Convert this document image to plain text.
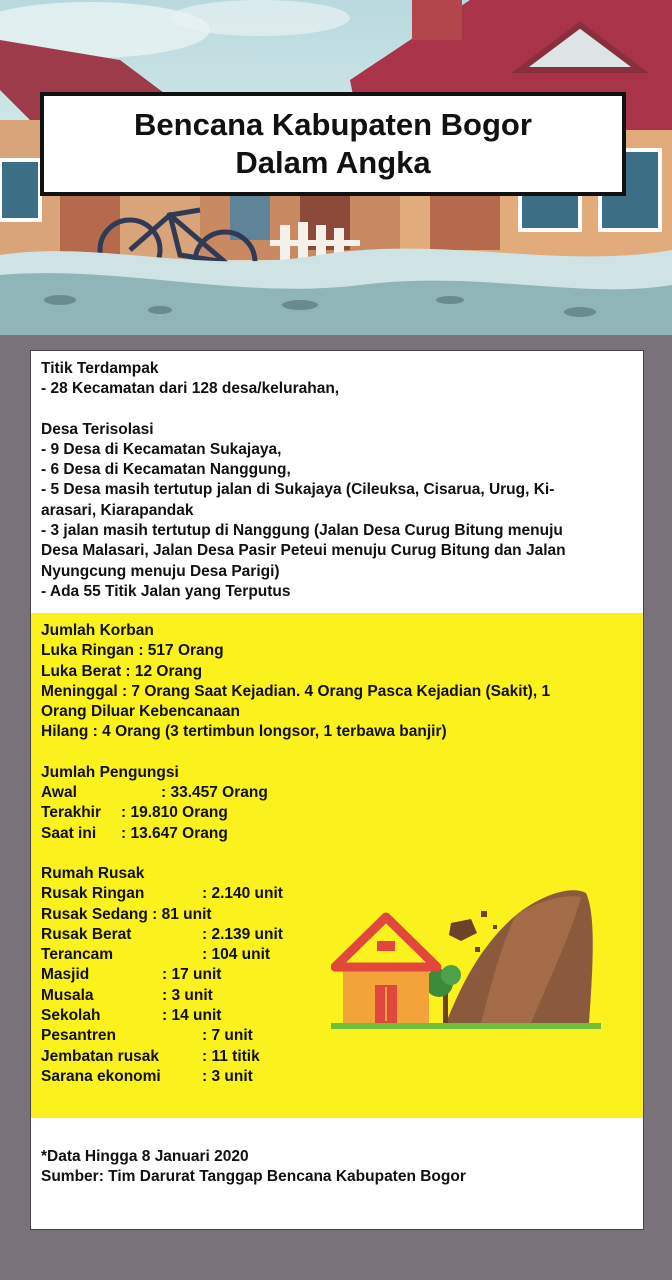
Bencana Kabupaten Bogor
Dalam Angka
Titik Terdampak
- 28 Kecamatan dari 128 desa/kelurahan,
Desa Terisolasi
- 9 Desa di Kecamatan Sukajaya,
- 6 Desa di Kecamatan Nanggung,
- 5 Desa masih tertutup jalan di Sukajaya (Cileuksa, Cisarua, Urug, Ki-
arasari, Kiarapandak
- 3 jalan masih tertutup di Nanggung (Jalan Desa Curug Bitung menuju
Desa Malasari, Jalan Desa Pasir Peteui menuju Curug Bitung dan Jalan
Nyungcung menuju Desa Parigi)
- Ada 55 Titik Jalan yang Terputus
Jumlah Korban
Luka Ringan : 517 Orang
Luka Berat : 12 Orang
Meninggal : 7 Orang Saat Kejadian. 4 Orang Pasca Kejadian (Sakit), 1
Orang Diluar Kebencanaan
Hilang : 4 Orang (3 tertimbun longsor, 1 terbawa banjir)
Jumlah Pengungsi
Awal	: 33.457 Orang
Terakhir	: 19.810 Orang
Saat ini	: 13.647 Orang
Rumah Rusak
Rusak Ringan	: 2.140 unit
Rusak Sedang : 81 unit
Rusak Berat	: 2.139 unit
Terancam	: 104 unit
Masjid	: 17 unit
Musala	: 3 unit
Sekolah	: 14 unit
Pesantren	: 7 unit
Jembatan rusak	: 11 titik
Sarana ekonomi	: 3 unit
*Data Hingga 8 Januari 2020
Sumber: Tim Darurat Tanggap Bencana Kabupaten Bogor
